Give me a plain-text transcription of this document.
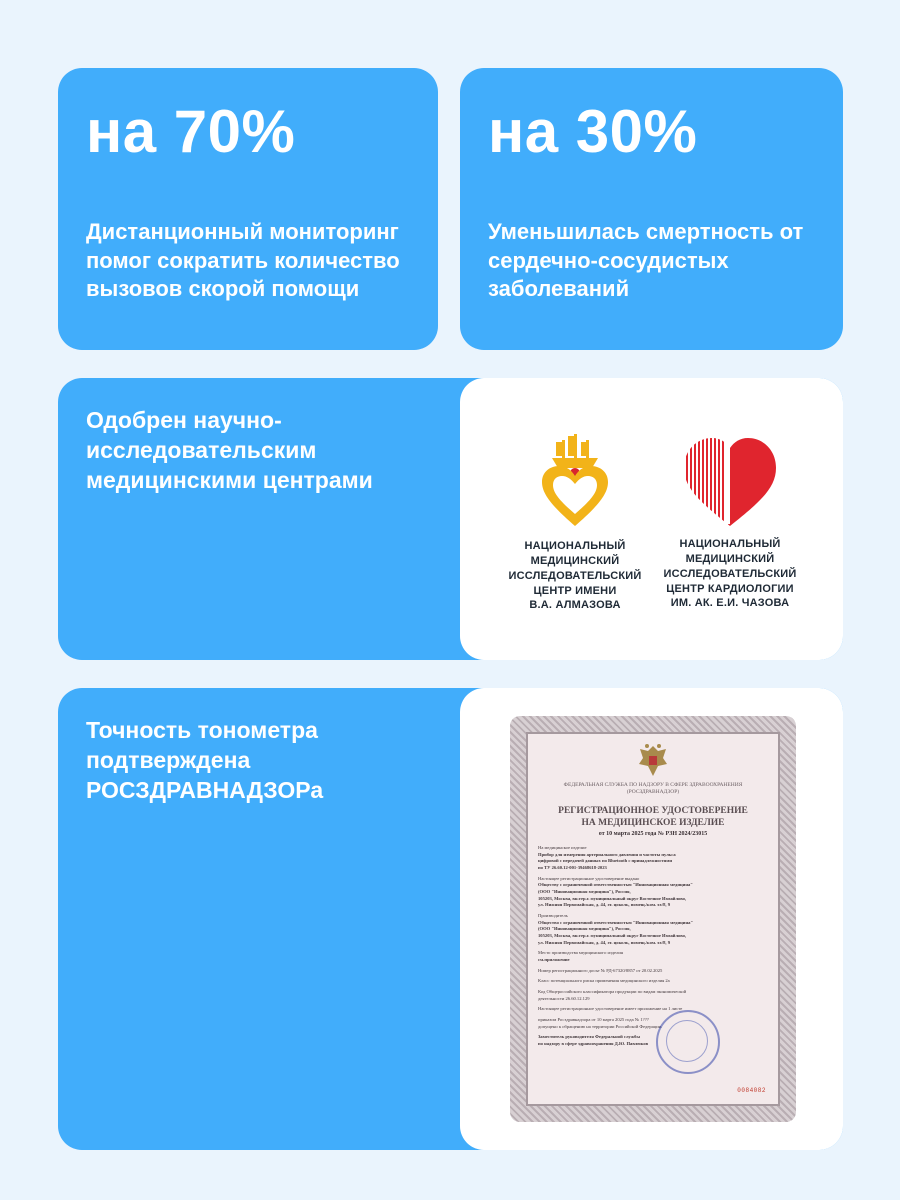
на 70%
Дистанционный мониторинг помог сократить количество вызовов скорой помощи
на 30%
Уменьшилась смертность от сердечно-сосудистых заболеваний
Одобрен научно-исследовательским медицинскими центрами
НАЦИОНАЛЬНЫЙ
МЕДИЦИНСКИЙ
ИССЛЕДОВАТЕЛЬСКИЙ
ЦЕНТР ИМЕНИ
В.А. АЛМАЗОВА
НАЦИОНАЛЬНЫЙ
МЕДИЦИНСКИЙ
ИССЛЕДОВАТЕЛЬСКИЙ
ЦЕНТР КАРДИОЛОГИИ
ИМ. АК. Е.И. ЧАЗОВА
Точность тонометра подтверждена РОСЗДРАВНАДЗОРа	ФЕДЕРАЛЬНАЯ СЛУЖБА ПО НАДЗОРУ В СФЕРЕ ЗДРАВООХРАНЕНИЯ
(РОСЗДРАВНАДЗОР)
РЕГИСТРАЦИОННОЕ УДОСТОВЕРЕНИЕ
НА МЕДИЦИНСКОЕ ИЗДЕЛИЕ
от 10 марта 2025 года № РЗН 2024/23015
На медицинское изделие
Прибор для измерения артериального давления и частоты пульса
цифровой с передачей данных по Bluetooth с принадлежностями
по ТУ 26.60.12-001-39468618-2023
Настоящее регистрационное удостоверение выдано
Обществу с ограниченной ответственностью "Инновационная медицина"
(ООО "Инновационная медицина"), Россия,
105203, Москва, вн.тер.г. муниципальный округ Восточное Измайлово,
ул. Нижняя Первомайская, д. 44, эт. цоколь, помещ./ком. хх/8, 9
Производитель
Общество с ограниченной ответственностью "Инновационная медицина"
(ООО "Инновационная медицина"), Россия,
105203, Москва, вн.тер.г. муниципальный округ Восточное Измайлово,
ул. Нижняя Первомайская, д. 44, эт. цоколь, помещ./ком. хх/8, 9
Место производства медицинского изделия
см.приложение
Номер регистрационного досье № РД-67320/8857 от 20.02.2025
Класс потенциального риска применения медицинского изделия 2а
Код Общероссийского классификатора продукции по видам экономической
деятельности 26.60.12.129
Настоящее регистрационное удостоверение имеет приложение на 1 листе
приказом Росздравнадзора от 10 марта 2025 года № 1???
допущено к обращению на территории Российской Федерации.
Заместитель руководителя Федеральной службы
по надзору в сфере здравоохранения Д.Ю. Павлюков
0084082
